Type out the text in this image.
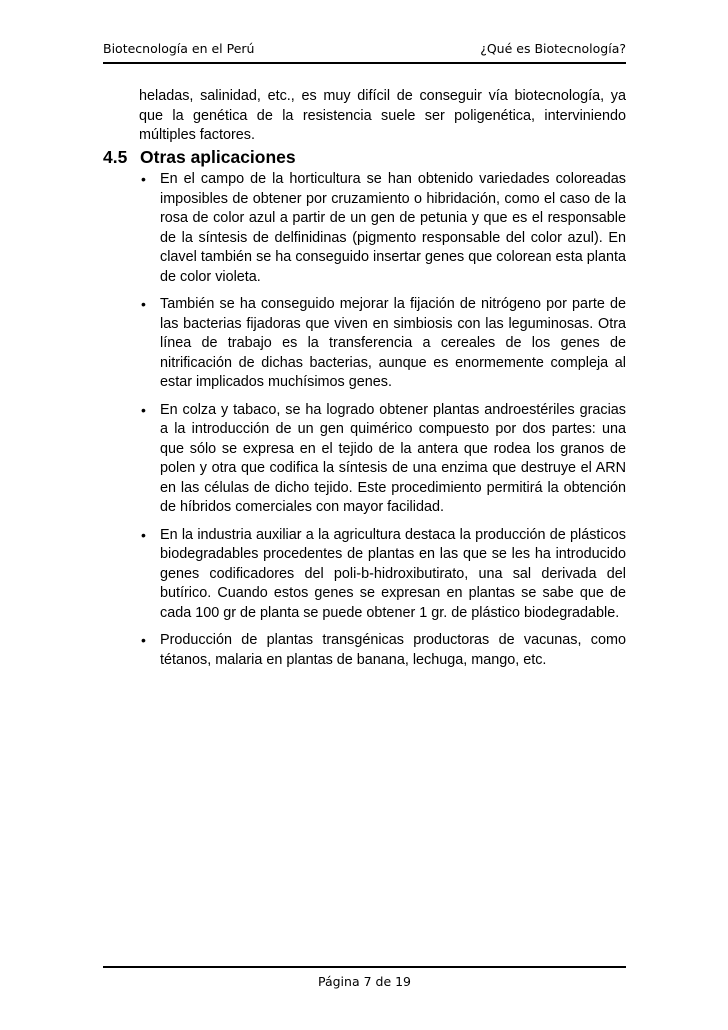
Biotecnología en el Perú	¿Qué es Biotecnología?
heladas, salinidad, etc., es muy difícil de conseguir vía biotecnología, ya que la genética de la resistencia suele ser poligenética, interviniendo múltiples factores.
4.5 Otras aplicaciones
• En el campo de la horticultura se han obtenido variedades coloreadas imposibles de obtener por cruzamiento o hibridación, como el caso de la rosa de color azul a partir de un gen de petunia y que es el responsable de la síntesis de delfinidinas (pigmento responsable del color azul). En clavel también se ha conseguido insertar genes que colorean esta planta de color violeta.
• También se ha conseguido mejorar la fijación de nitrógeno por parte de las bacterias fijadoras que viven en simbiosis con las leguminosas. Otra línea de trabajo es la transferencia a cereales de los genes de nitrificación de dichas bacterias, aunque es enormemente compleja al estar implicados muchísimos genes.
• En colza y tabaco, se ha logrado obtener plantas androestériles gracias a la introducción de un gen quimérico compuesto por dos partes: una que sólo se expresa en el tejido de la antera que rodea los granos de polen y otra que codifica la síntesis de una enzima que destruye el ARN en las células de dicho tejido. Este procedimiento permitirá la obtención de híbridos comerciales con mayor facilidad.
• En la industria auxiliar a la agricultura destaca la producción de plásticos biodegradables procedentes de plantas en las que se les ha introducido genes codificadores del poli-b-hidroxibutirato, una sal derivada del butírico. Cuando estos genes se expresan en plantas se sabe que de cada 100 gr de planta se puede obtener 1 gr. de plástico biodegradable.
• Producción de plantas transgénicas productoras de vacunas, como tétanos, malaria en plantas de banana, lechuga, mango, etc.
Página 7 de 19
